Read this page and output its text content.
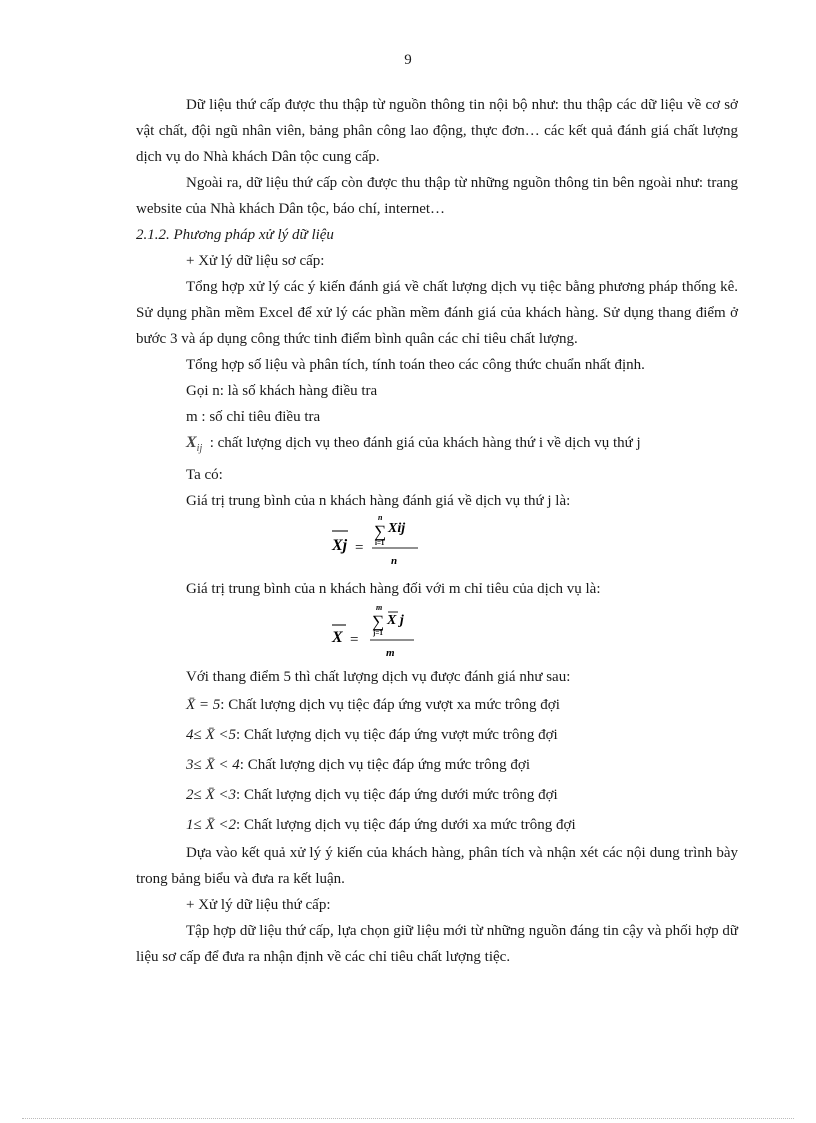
9

Dữ liệu thứ cấp được thu thập từ nguồn thông tin nội bộ như: thu thập các dữ liệu về cơ sở vật chất, đội ngũ nhân viên, bảng phân công lao động, thực đơn… các kết quả đánh giá chất lượng dịch vụ do Nhà khách Dân tộc cung cấp.

Ngoài ra, dữ liệu thứ cấp còn được thu thập từ những nguồn thông tin bên ngoài như: trang website của Nhà khách Dân tộc, báo chí, internet…

2.1.2. Phương pháp xử lý dữ liệu

+ Xử lý dữ liệu sơ cấp:

Tổng hợp xử lý các ý kiến đánh giá về chất lượng dịch vụ tiệc bằng phương pháp thống kê. Sử dụng phần mềm Excel để xử lý các phần mềm đánh giá của khách hàng. Sử dụng thang điểm ở bước 3 và áp dụng công thức tinh điểm bình quân các chỉ tiêu chất lượng.

Tổng hợp số liệu và phân tích, tính toán theo các công thức chuẩn nhất định.

Gọi n: là số khách hàng điều tra

m : số chỉ tiêu điều tra

$X_{ij}$ : chất lượng dịch vụ theo đánh giá của khách hàng thứ i về dịch vụ thứ j

Ta có:

Giá trị trung bình của n khách hàng đánh giá về dịch vụ thứ j là:

Xj =
n
∑
i=1
Xij
n

Giá trị trung bình của n khách hàng đối với m chỉ tiêu của dịch vụ là:

X =
m
∑
j=1
X j
m

Với thang điểm 5 thì chất lượng dịch vụ được đánh giá như sau:

X̄ = 5: Chất lượng dịch vụ tiệc đáp ứng vượt xa mức trông đợi

4≤ X̄ <5: Chất lượng dịch vụ tiệc đáp ứng vượt mức trông đợi

3≤ X̄ < 4: Chất lượng dịch vụ tiệc đáp ứng mức trông đợi

2≤ X̄ <3: Chất lượng dịch vụ tiệc đáp ứng dưới mức trông đợi

1≤ X̄ <2: Chất lượng dịch vụ tiệc đáp ứng dưới xa mức trông đợi

Dựa vào kết quả xử lý ý kiến của khách hàng, phân tích và nhận xét các nội dung trình bày trong bảng biểu và đưa ra kết luận.

+ Xử lý dữ liệu thứ cấp:

Tập hợp dữ liệu thứ cấp, lựa chọn giữ liệu mới từ những nguồn đáng tin cậy và phối hợp dữ liệu sơ cấp để đưa ra nhận định về các chỉ tiêu chất lượng tiệc.
